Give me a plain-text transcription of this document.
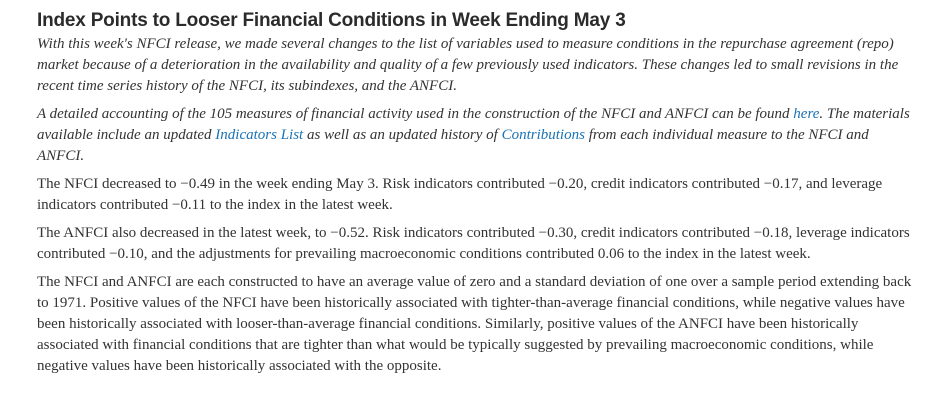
Index Points to Looser Financial Conditions in Week Ending May 3

With this week's NFCI release, we made several changes to the list of variables used to measure conditions in the repurchase agreement (repo) market because of a deterioration in the availability and quality of a few previously used indicators. These changes led to small revisions in the recent time series history of the NFCI, its subindexes, and the ANFCI.

A detailed accounting of the 105 measures of financial activity used in the construction of the NFCI and ANFCI can be found here. The materials available include an updated Indicators List as well as an updated history of Contributions from each individual measure to the NFCI and ANFCI.

The NFCI decreased to −0.49 in the week ending May 3. Risk indicators contributed −0.20, credit indicators contributed −0.17, and leverage indicators contributed −0.11 to the index in the latest week.

The ANFCI also decreased in the latest week, to −0.52. Risk indicators contributed −0.30, credit indicators contributed −0.18, leverage indicators contributed −0.10, and the adjustments for prevailing macroeconomic conditions contributed 0.06 to the index in the latest week.

The NFCI and ANFCI are each constructed to have an average value of zero and a standard deviation of one over a sample period extending back to 1971. Positive values of the NFCI have been historically associated with tighter-than-average financial conditions, while negative values have been historically associated with looser-than-average financial conditions. Similarly, positive values of the ANFCI have been historically associated with financial conditions that are tighter than what would be typically suggested by prevailing macroeconomic conditions, while negative values have been historically associated with the opposite.
